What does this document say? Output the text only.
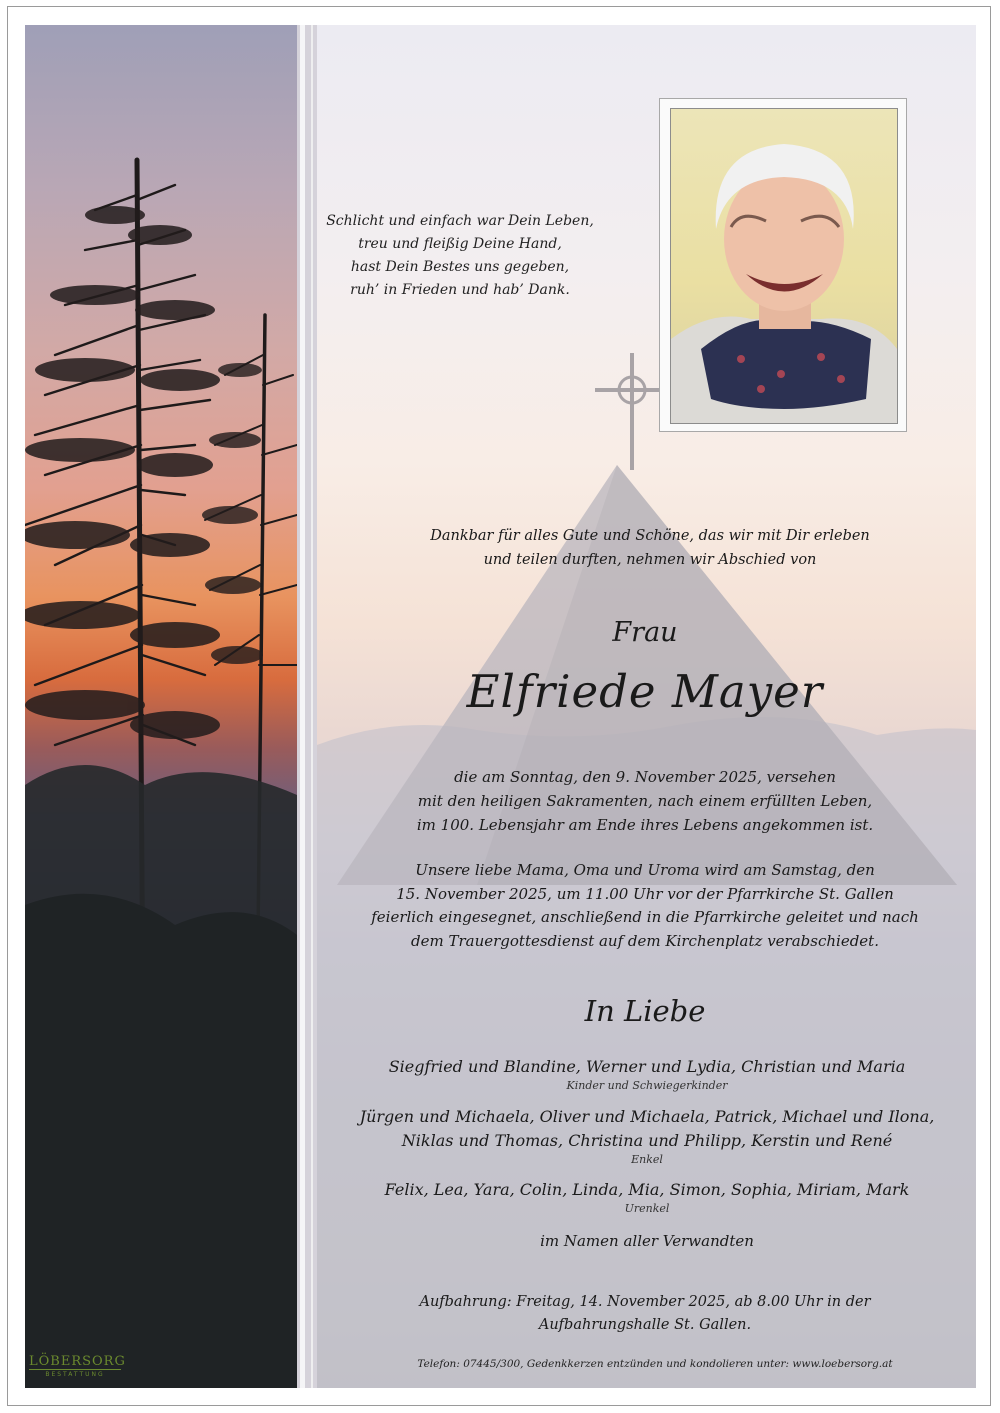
Schlicht und einfach war Dein Leben,
treu und fleißig Deine Hand,
hast Dein Bestes uns gegeben,
ruh’ in Frieden und hab’ Dank.
Dankbar für alles Gute und Schöne, das wir mit Dir erleben
und teilen durften, nehmen wir Abschied von
Frau
Elfriede Mayer
die am Sonntag, den 9. November 2025, versehen
mit den heiligen Sakramenten, nach einem erfüllten Leben,
im 100. Lebensjahr am Ende ihres Lebens angekommen ist.
Unsere liebe Mama, Oma und Uroma wird am Samstag, den
15. November 2025, um 11.00 Uhr vor der Pfarrkirche St. Gallen
feierlich eingesegnet, anschließend in die Pfarrkirche geleitet und nach
dem Trauergottesdienst auf dem Kirchenplatz verabschiedet.
In Liebe
Siegfried und Blandine, Werner und Lydia, Christian und Maria
Kinder und Schwiegerkinder
Jürgen und Michaela, Oliver und Michaela, Patrick, Michael und Ilona,
Niklas und Thomas, Christina und Philipp, Kerstin und René
Enkel
Felix, Lea, Yara, Colin, Linda, Mia, Simon, Sophia, Miriam, Mark
Urenkel
im Namen aller Verwandten
Aufbahrung: Freitag, 14. November 2025, ab 8.00 Uhr in der
Aufbahrungshalle St. Gallen.
Telefon: 07445/300, Gedenkkerzen entzünden und kondolieren unter: www.loebersorg.at
LÖBERSORG
BESTATTUNG
